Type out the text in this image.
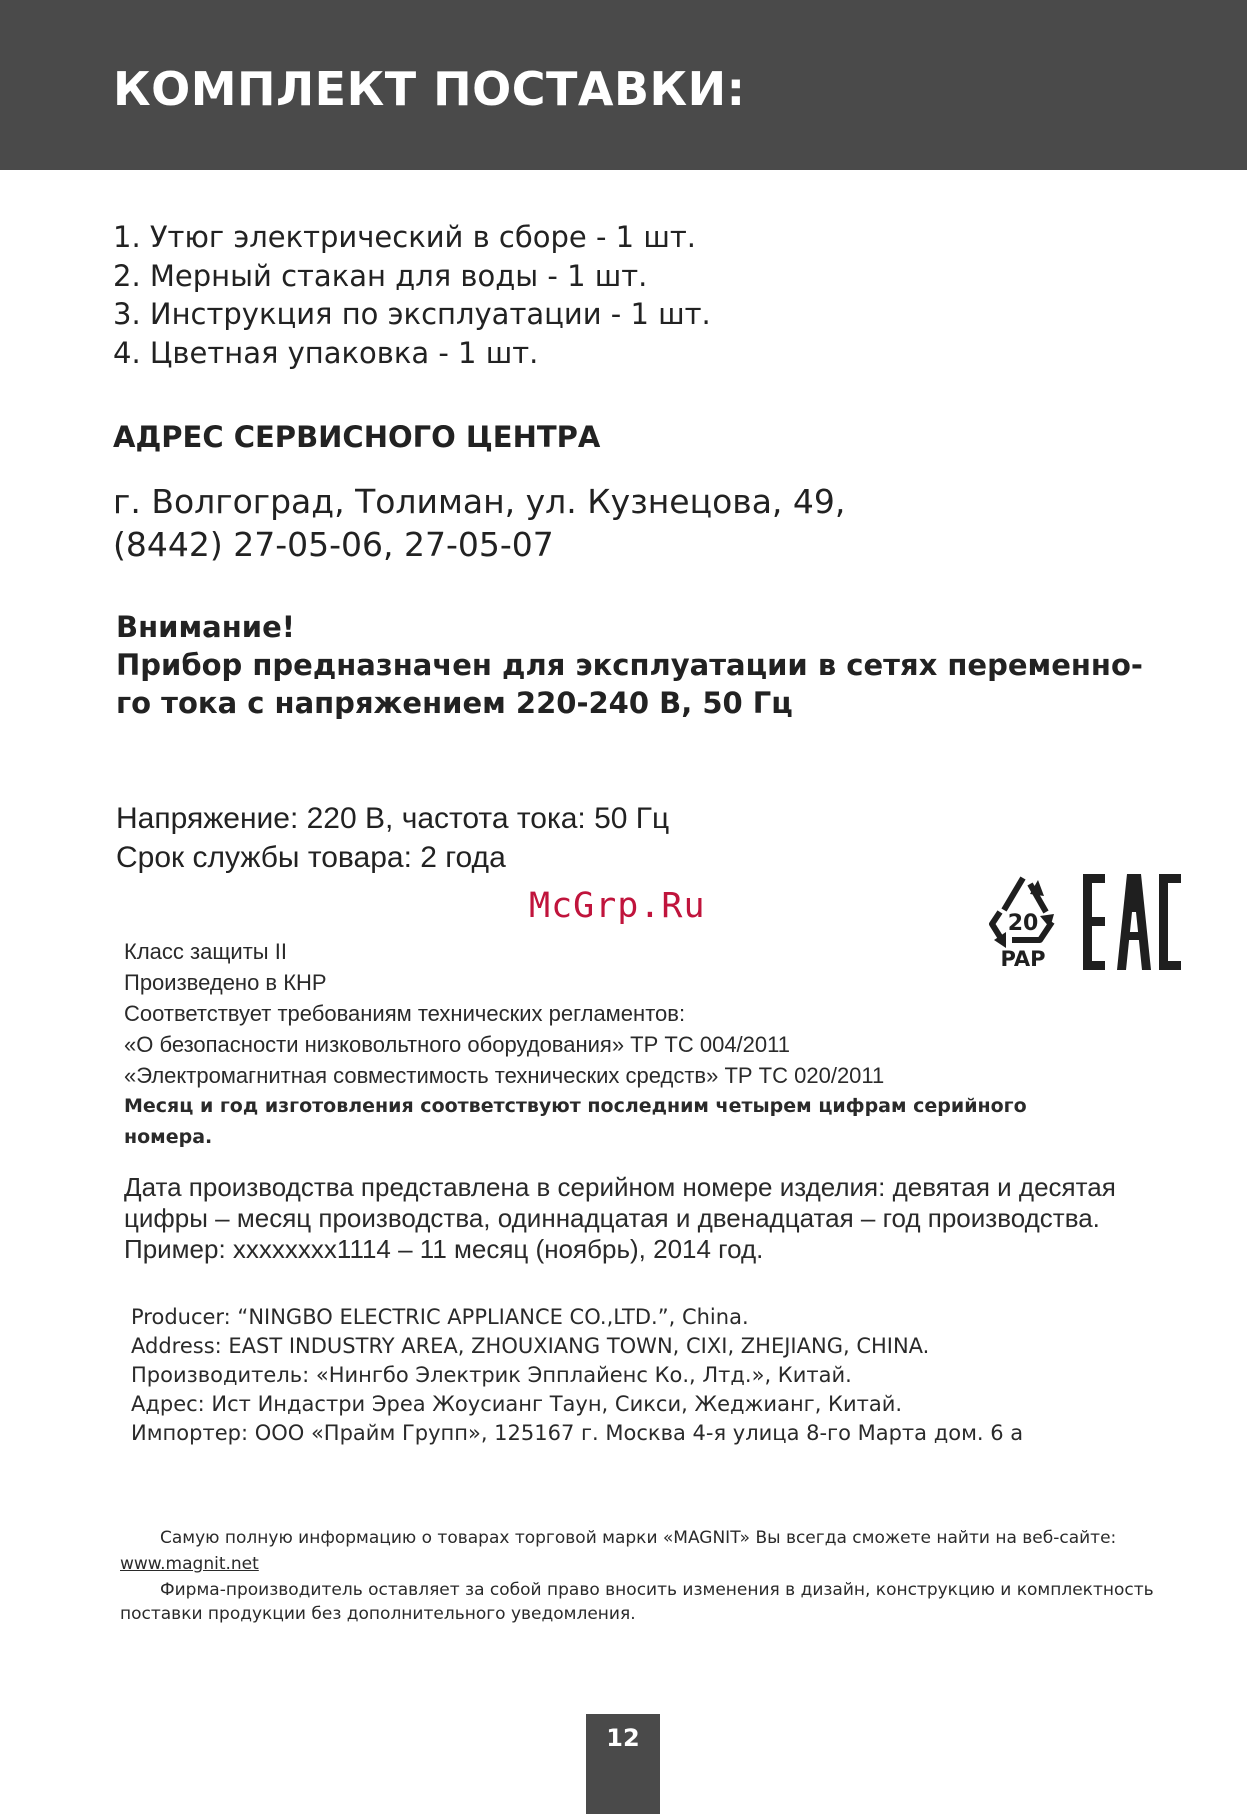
КОМПЛЕКТ ПОСТАВКИ:
1. Утюг электрический в сборе - 1 шт.
2. Мерный стакан для воды - 1 шт.
3. Инструкция по эксплуатации - 1 шт.
4. Цветная упаковка - 1 шт.
АДРЕС СЕРВИСНОГО ЦЕНТРА
г. Волгоград, Толиман, ул. Кузнецова, 49,
(8442) 27-05-06, 27-05-07
Внимание!
Прибор предназначен для эксплуатации в сетях переменно-
го тока с напряжением 220-240 В, 50 Гц
Напряжение: 220 В, частота тока: 50 Гц
Срок службы товара: 2 года
McGrp.Ru	20
PAP
Класс защиты II
Произведено в КНР
Соответствует требованиям технических регламентов:
«О безопасности низковольтного оборудования» ТР ТС 004/2011
«Электромагнитная совместимость технических средств» ТР ТС 020/2011
Месяц и год изготовления соответствуют последним четырем цифрам серийного
номера.
Дата производства представлена в серийном номере изделия: девятая и десятая
цифры – месяц производства, одиннадцатая и двенадцатая – год производства.
Пример: xxxxxxxx1114 – 11 месяц (ноябрь), 2014 год.
Producer: “NINGBO ELECTRIC APPLIANCE CO.,LTD.”, China.
Address: EAST INDUSTRY AREA, ZHOUXIANG TOWN, CIXI, ZHEJIANG, CHINA.
Производитель: «Нингбо Электрик Эпплайенс Ко., Лтд.», Китай.
Адрес: Ист Индастри Эреа Жоусианг Таун, Сикси, Жеджианг, Китай.
Импортер: ООО «Прайм Групп», 125167 г. Москва 4-я улица 8-го Марта дом. 6 а

Самую полную информацию о товарах торговой марки «MAGNIT» Вы всегда сможете найти на веб-сайте:

www.magnit.net

Фирма-производитель оставляет за собой право вносить изменения в дизайн, конструкцию и комплектность поставки продукции без дополнительного уведомления.

12
